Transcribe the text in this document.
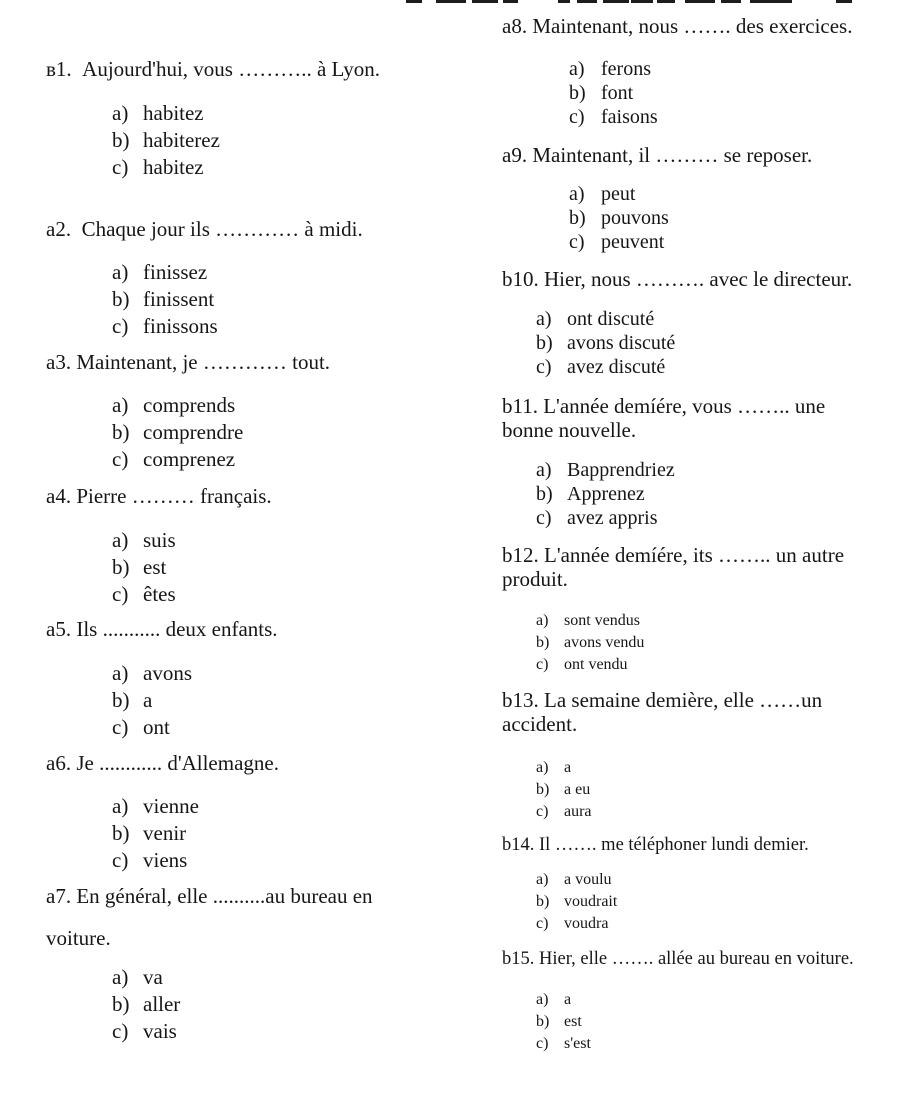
в1.  Aujourd'hui, vous ……….. à Lyon.
a) habitez
b) habiterez
c) habitez
a2.  Chaque jour ils ………… à midi.
a) finissez
b) finissent
c) finissons
a3. Maintenant, je ………… tout.
a) comprends
b) comprendre
c) comprenez
a4. Pierre ……… français.
a) suis
b) est
c) êtes
a5. Ils ........... deux enfants.
a) avons
b) a
c) ont
a6. Je ............ d'Allemagne.
a) vienne
b) venir
c) viens
a7. En général, elle ..........au bureau en
voiture.
a) va
b) aller
c) vais
a8. Maintenant, nous ……. des exercices.
a) ferons
b) font
c) faisons
a9. Maintenant, il ……… se reposer.
a) peut
b) pouvons
c) peuvent
b10. Hier, nous ………. avec le directeur.
a) ont discuté
b) avons discuté
c) avez discuté
b11. L'année demíére, vous …….. une
bonne nouvelle.
a) Bapprendriez
b) Apprenez
c) avez appris
b12. L'année demíére, its …….. un autre
produit.
a) sont vendus
b) avons vendu
c) ont vendu
b13. La semaine demière, elle ……un
accident.
a) a
b) a eu
c) aura
b14. Il ……. me téléphoner lundi demier.
a) a voulu
b) voudrait
c) voudra
b15. Hier, elle ……. allée au bureau en voiture.
a) a
b) est
c) s'est
